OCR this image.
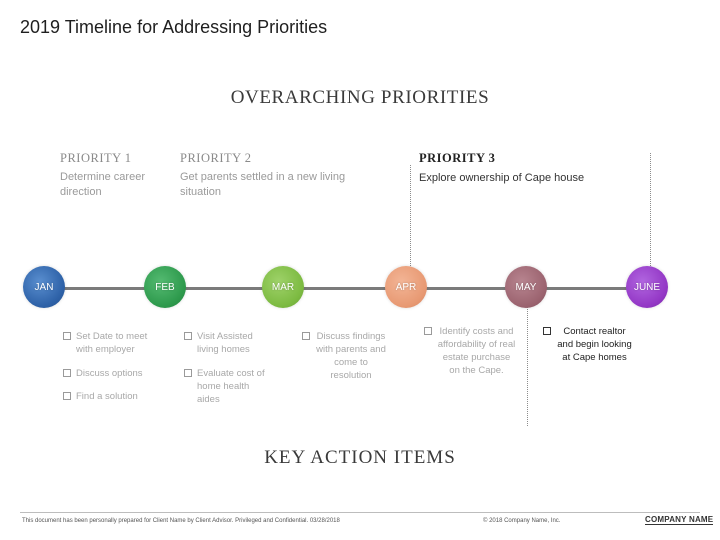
2019 Timeline for Addressing Priorities
OVERARCHING PRIORITIES
PRIORITY 1
Determine career direction
PRIORITY 2
Get parents settled in a new living situation
PRIORITY 3
Explore ownership of Cape house
JAN	FEB	MAR	APR	MAY	JUNE
Set Date to meet with employer
Discuss options
Find a solution
Visit Assisted living homes
Evaluate cost of home health aides
Discuss findings with parents and come to resolution
Identify costs and affordability of real estate purchase on the Cape.
Contact realtor and begin looking at Cape homes
KEY ACTION ITEMS
This document has been personally prepared for Client Name by Client Advisor. Privileged and Confidential. 03/28/2018	© 2018 Company Name, Inc.	COMPANY NAME
